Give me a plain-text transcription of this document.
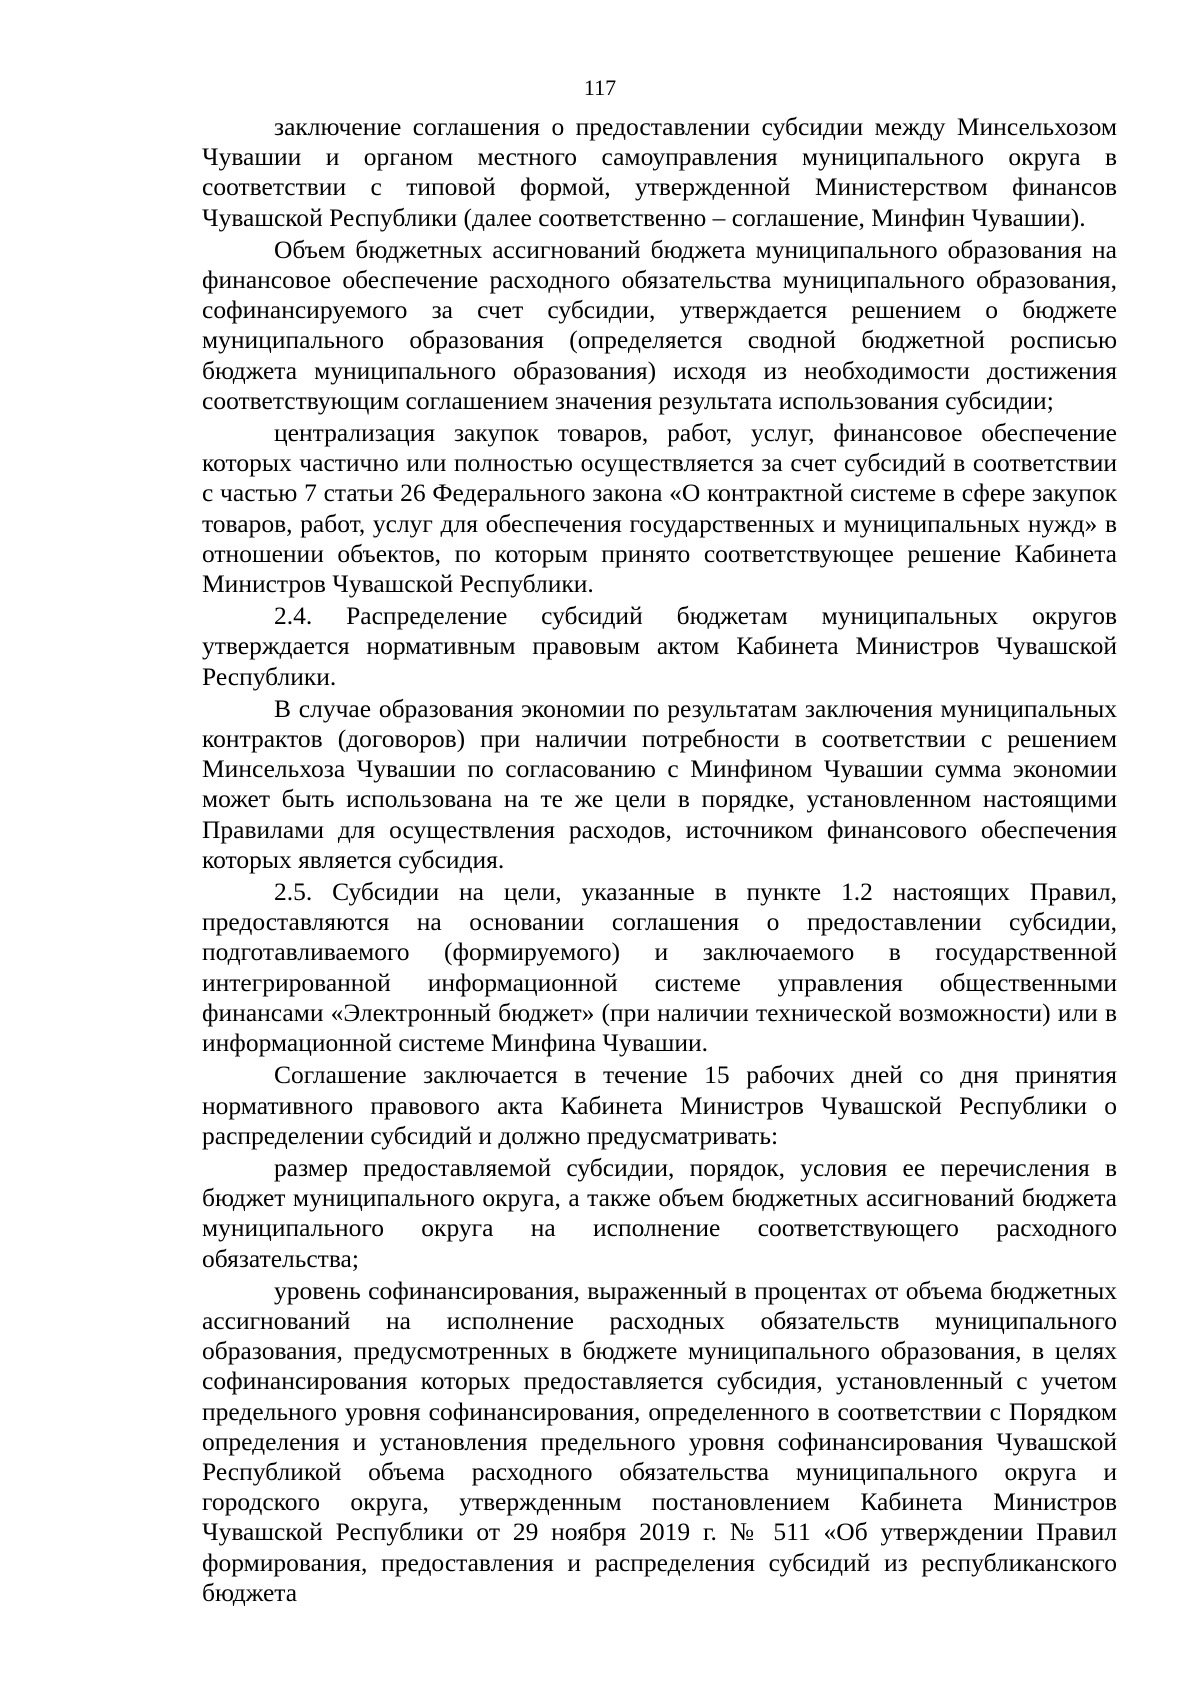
117

заключение соглашения о предоставлении субсидии между Минсельхозом Чувашии и органом местного самоуправления муниципального округа в соответствии с типовой формой, утвержденной Министерством финансов Чувашской Республики (далее соответственно – соглашение, Минфин Чувашии).

Объем бюджетных ассигнований бюджета муниципального образования на финансовое обеспечение расходного обязательства муниципального образования, софинансируемого за счет субсидии, утверждается решением о бюджете муниципального образования (определяется сводной бюджетной росписью бюджета муниципального образования) исходя из необходимости достижения соответствующим соглашением значения результата использования субсидии;

централизация закупок товаров, работ, услуг, финансовое обеспечение которых частично или полностью осуществляется за счет субсидий в соответствии с частью 7 статьи 26 Федерального закона «О контрактной системе в сфере закупок товаров, работ, услуг для обеспечения государственных и муниципальных нужд» в отношении объектов, по которым принято соответствующее решение Кабинета Министров Чувашской Республики.

2.4. Распределение субсидий бюджетам муниципальных округов утверждается нормативным правовым актом Кабинета Министров Чувашской Республики.

В случае образования экономии по результатам заключения муниципальных контрактов (договоров) при наличии потребности в соответствии с решением Минсельхоза Чувашии по согласованию с Минфином Чувашии сумма экономии может быть использована на те же цели в порядке, установленном настоящими Правилами для осуществления расходов, источником финансового обеспечения которых является субсидия.

2.5. Субсидии на цели, указанные в пункте 1.2 настоящих Правил, предоставляются на основании соглашения о предоставлении субсидии, подготавливаемого (формируемого) и заключаемого в государственной интегрированной информационной системе управления общественными финансами «Электронный бюджет» (при наличии технической возможности) или в информационной системе Минфина Чувашии.

Соглашение заключается в течение 15 рабочих дней со дня принятия нормативного правового акта Кабинета Министров Чувашской Республики о распределении субсидий и должно предусматривать:

размер предоставляемой субсидии, порядок, условия ее перечисления в бюджет муниципального округа, а также объем бюджетных ассигнований бюджета муниципального округа на исполнение соответствующего расходного обязательства;

уровень софинансирования, выраженный в процентах от объема бюджетных ассигнований на исполнение расходных обязательств муниципального образования, предусмотренных в бюджете муниципального образования, в целях софинансирования которых предоставляется субсидия, установленный с учетом предельного уровня софинансирования, определенного в соответствии с Порядком определения и установления предельного уровня софинансирования Чувашской Республикой объема расходного обязательства муниципального округа и городского округа, утвержденным постановлением Кабинета Министров Чувашской Республики от 29 ноября 2019 г. № 511 «Об утверждении Правил формирования, предоставления и распределения субсидий из республиканского бюджета
